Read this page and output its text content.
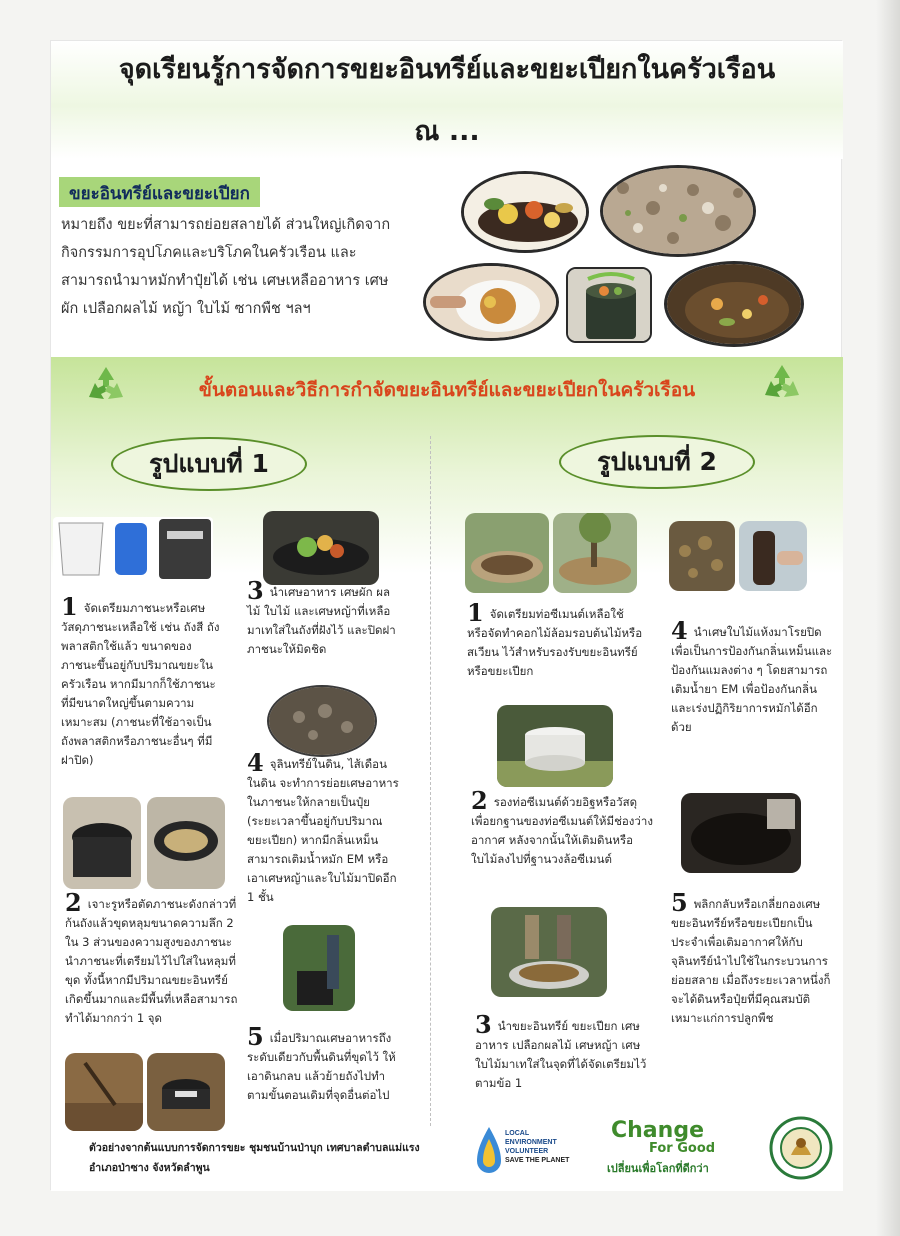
จุดเรียนรู้การจัดการขยะอินทรีย์และขยะเปียกในครัวเรือน
ณ ...
ขยะอินทรีย์และขยะเปียก
หมายถึง ขยะที่สามารถย่อยสลายได้ ส่วนใหญ่เกิดจากกิจกรรมการอุปโภคและบริโภคในครัวเรือน และสามารถนำมาหมักทำปุ๋ยได้ เช่น เศษเหลืออาหาร เศษผัก เปลือกผลไม้ หญ้า ใบไม้ ซากพืช ฯลฯ
ขั้นตอนและวิธีการกำจัดขยะอินทรีย์และขยะเปียกในครัวเรือน
รูปแบบที่ 1	รูปแบบที่ 2
1 จัดเตรียมภาชนะหรือเศษวัสดุภาชนะเหลือใช้ เช่น ถังสี ถังพลาสติกใช้แล้ว ขนาดของภาชนะขึ้นอยู่กับปริมาณขยะในครัวเรือน หากมีมากก็ใช้ภาชนะที่มีขนาดใหญ่ขึ้นตามความเหมาะสม (ภาชนะที่ใช้อาจเป็นถังพลาสติกหรือภาชนะอื่นๆ ที่มีฝาปิด)
2 เจาะรูหรือตัดภาชนะดังกล่าวที่ก้นถังแล้วขุดหลุมขนาดความลึก 2 ใน 3 ส่วนของความสูงของภาชนะนำภาชนะที่เตรียมไว้ไปใส่ในหลุมที่ขุด ทั้งนี้หากมีปริมาณขยะอินทรีย์เกิดขึ้นมากและมีพื้นที่เหลือสามารถทำได้มากกว่า 1 จุด
3 นำเศษอาหาร เศษผัก ผลไม้ ใบไม้ และเศษหญ้าที่เหลือมาเทใส่ในถังที่ฝังไว้ และปิดฝาภาชนะให้มิดชิด
4 จุลินทรีย์ในดิน, ไส้เดือนในดิน จะทำการย่อยเศษอาหารในภาชนะให้กลายเป็นปุ๋ย (ระยะเวลาขึ้นอยู่กับปริมาณขยะเปียก) หากมีกลิ่นเหม็นสามารถเติมน้ำหมัก EM หรือเอาเศษหญ้าและใบไม้มาปิดอีก 1 ชั้น
5 เมื่อปริมาณเศษอาหารถึงระดับเดียวกับพื้นดินที่ขุดไว้ ให้เอาดินกลบ แล้วย้ายถังไปทำตามขั้นตอนเดิมที่จุดอื่นต่อไป
1 จัดเตรียมท่อซีเมนต์เหลือใช้หรือจัดทำคอกไม้ล้อมรอบต้นไม้หรือสเวียน ไว้สำหรับรองรับขยะอินทรีย์หรือขยะเปียก
2 รองท่อซีเมนต์ด้วยอิฐหรือวัสดุเพื่อยกฐานของท่อซีเมนต์ให้มีช่องว่างอากาศ หลังจากนั้นให้เติมดินหรือใบไม้ลงไปที่ฐานวงล้อซีเมนต์
3 นำขยะอินทรีย์ ขยะเปียก เศษอาหาร เปลือกผลไม้ เศษหญ้า เศษใบไม้มาเทใส่ในจุดที่ได้จัดเตรียมไว้ตามข้อ 1
4 นำเศษใบไม้แห้งมาโรยปิด เพื่อเป็นการป้องกันกลิ่นเหม็นและป้องกันแมลงต่าง ๆ โดยสามารถเติมน้ำยา EM เพื่อป้องกันกลิ่นและเร่งปฏิกิริยาการหมักได้อีกด้วย
5 พลิกกลับหรือเกลี่ยกองเศษขยะอินทรีย์หรือขยะเปียกเป็นประจำเพื่อเติมอากาศให้กับจุลินทรีย์นำไปใช้ในกระบวนการย่อยสลาย เมื่อถึงระยะเวลาหนึ่งก็จะได้ดินหรือปุ๋ยที่มีคุณสมบัติเหมาะแก่การปลูกพืช
ตัวอย่างจากต้นแบบการจัดการขยะ ชุมชนบ้านป่าบุก เทศบาลตำบลแม่แรง อำเภอป่าซาง จังหวัดลำพูน
LOCAL
ENVIRONMENT
VOLUNTEER
SAVE THE PLANET
Change
For Good
เปลี่ยนเพื่อโลกที่ดีกว่า
